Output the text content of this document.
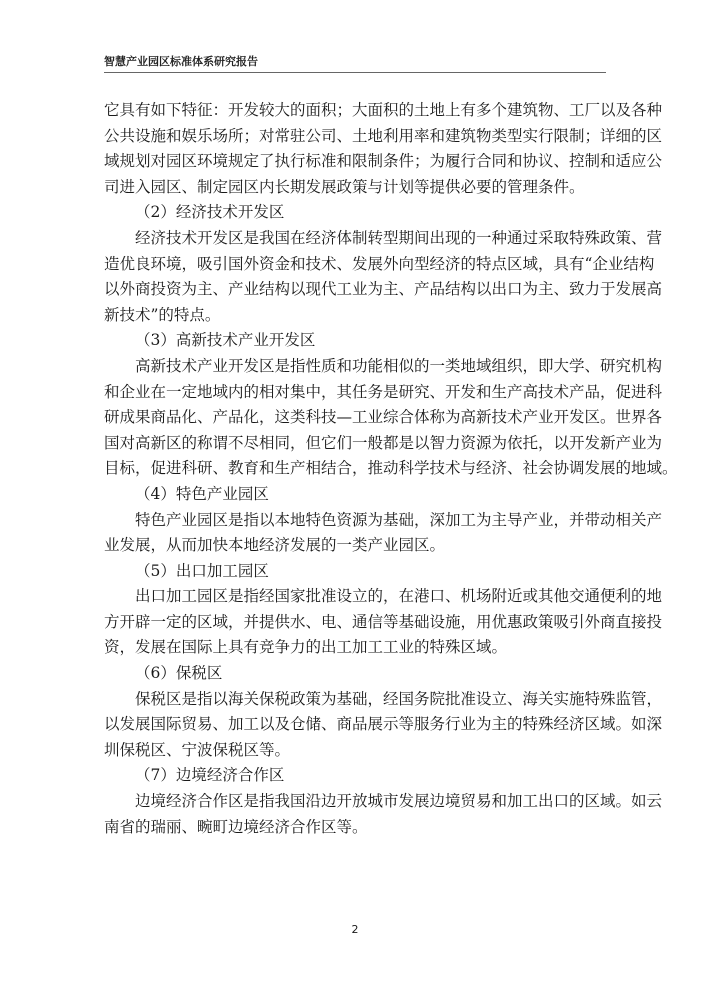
智慧产业园区标准体系研究报告
它具有如下特征：开发较大的面积；大面积的土地上有多个建筑物、工厂以及各种
公共设施和娱乐场所；对常驻公司、土地利用率和建筑物类型实行限制；详细的区
域规划对园区环境规定了执行标准和限制条件；为履行合同和协议、控制和适应公
司进入园区、制定园区内长期发展政策与计划等提供必要的管理条件。
（2）经济技术开发区
经济技术开发区是我国在经济体制转型期间出现的一种通过采取特殊政策、营
造优良环境，吸引国外资金和技术、发展外向型经济的特点区域，具有“企业结构
以外商投资为主、产业结构以现代工业为主、产品结构以出口为主、致力于发展高
新技术”的特点。
（3）高新技术产业开发区
高新技术产业开发区是指性质和功能相似的一类地域组织，即大学、研究机构
和企业在一定地域内的相对集中，其任务是研究、开发和生产高技术产品，促进科
研成果商品化、产品化，这类科技—工业综合体称为高新技术产业开发区。世界各
国对高新区的称谓不尽相同，但它们一般都是以智力资源为依托，以开发新产业为
目标，促进科研、教育和生产相结合，推动科学技术与经济、社会协调发展的地域。
（4）特色产业园区
特色产业园区是指以本地特色资源为基础，深加工为主导产业，并带动相关产
业发展，从而加快本地经济发展的一类产业园区。
（5）出口加工园区
出口加工园区是指经国家批准设立的，在港口、机场附近或其他交通便利的地
方开辟一定的区域，并提供水、电、通信等基础设施，用优惠政策吸引外商直接投
资，发展在国际上具有竞争力的出工加工工业的特殊区域。
（6）保税区
保税区是指以海关保税政策为基础，经国务院批准设立、海关实施特殊监管，
以发展国际贸易、加工以及仓储、商品展示等服务行业为主的特殊经济区域。如深
圳保税区、宁波保税区等。
（7）边境经济合作区
边境经济合作区是指我国沿边开放城市发展边境贸易和加工出口的区域。如云
南省的瑞丽、畹町边境经济合作区等。
2
